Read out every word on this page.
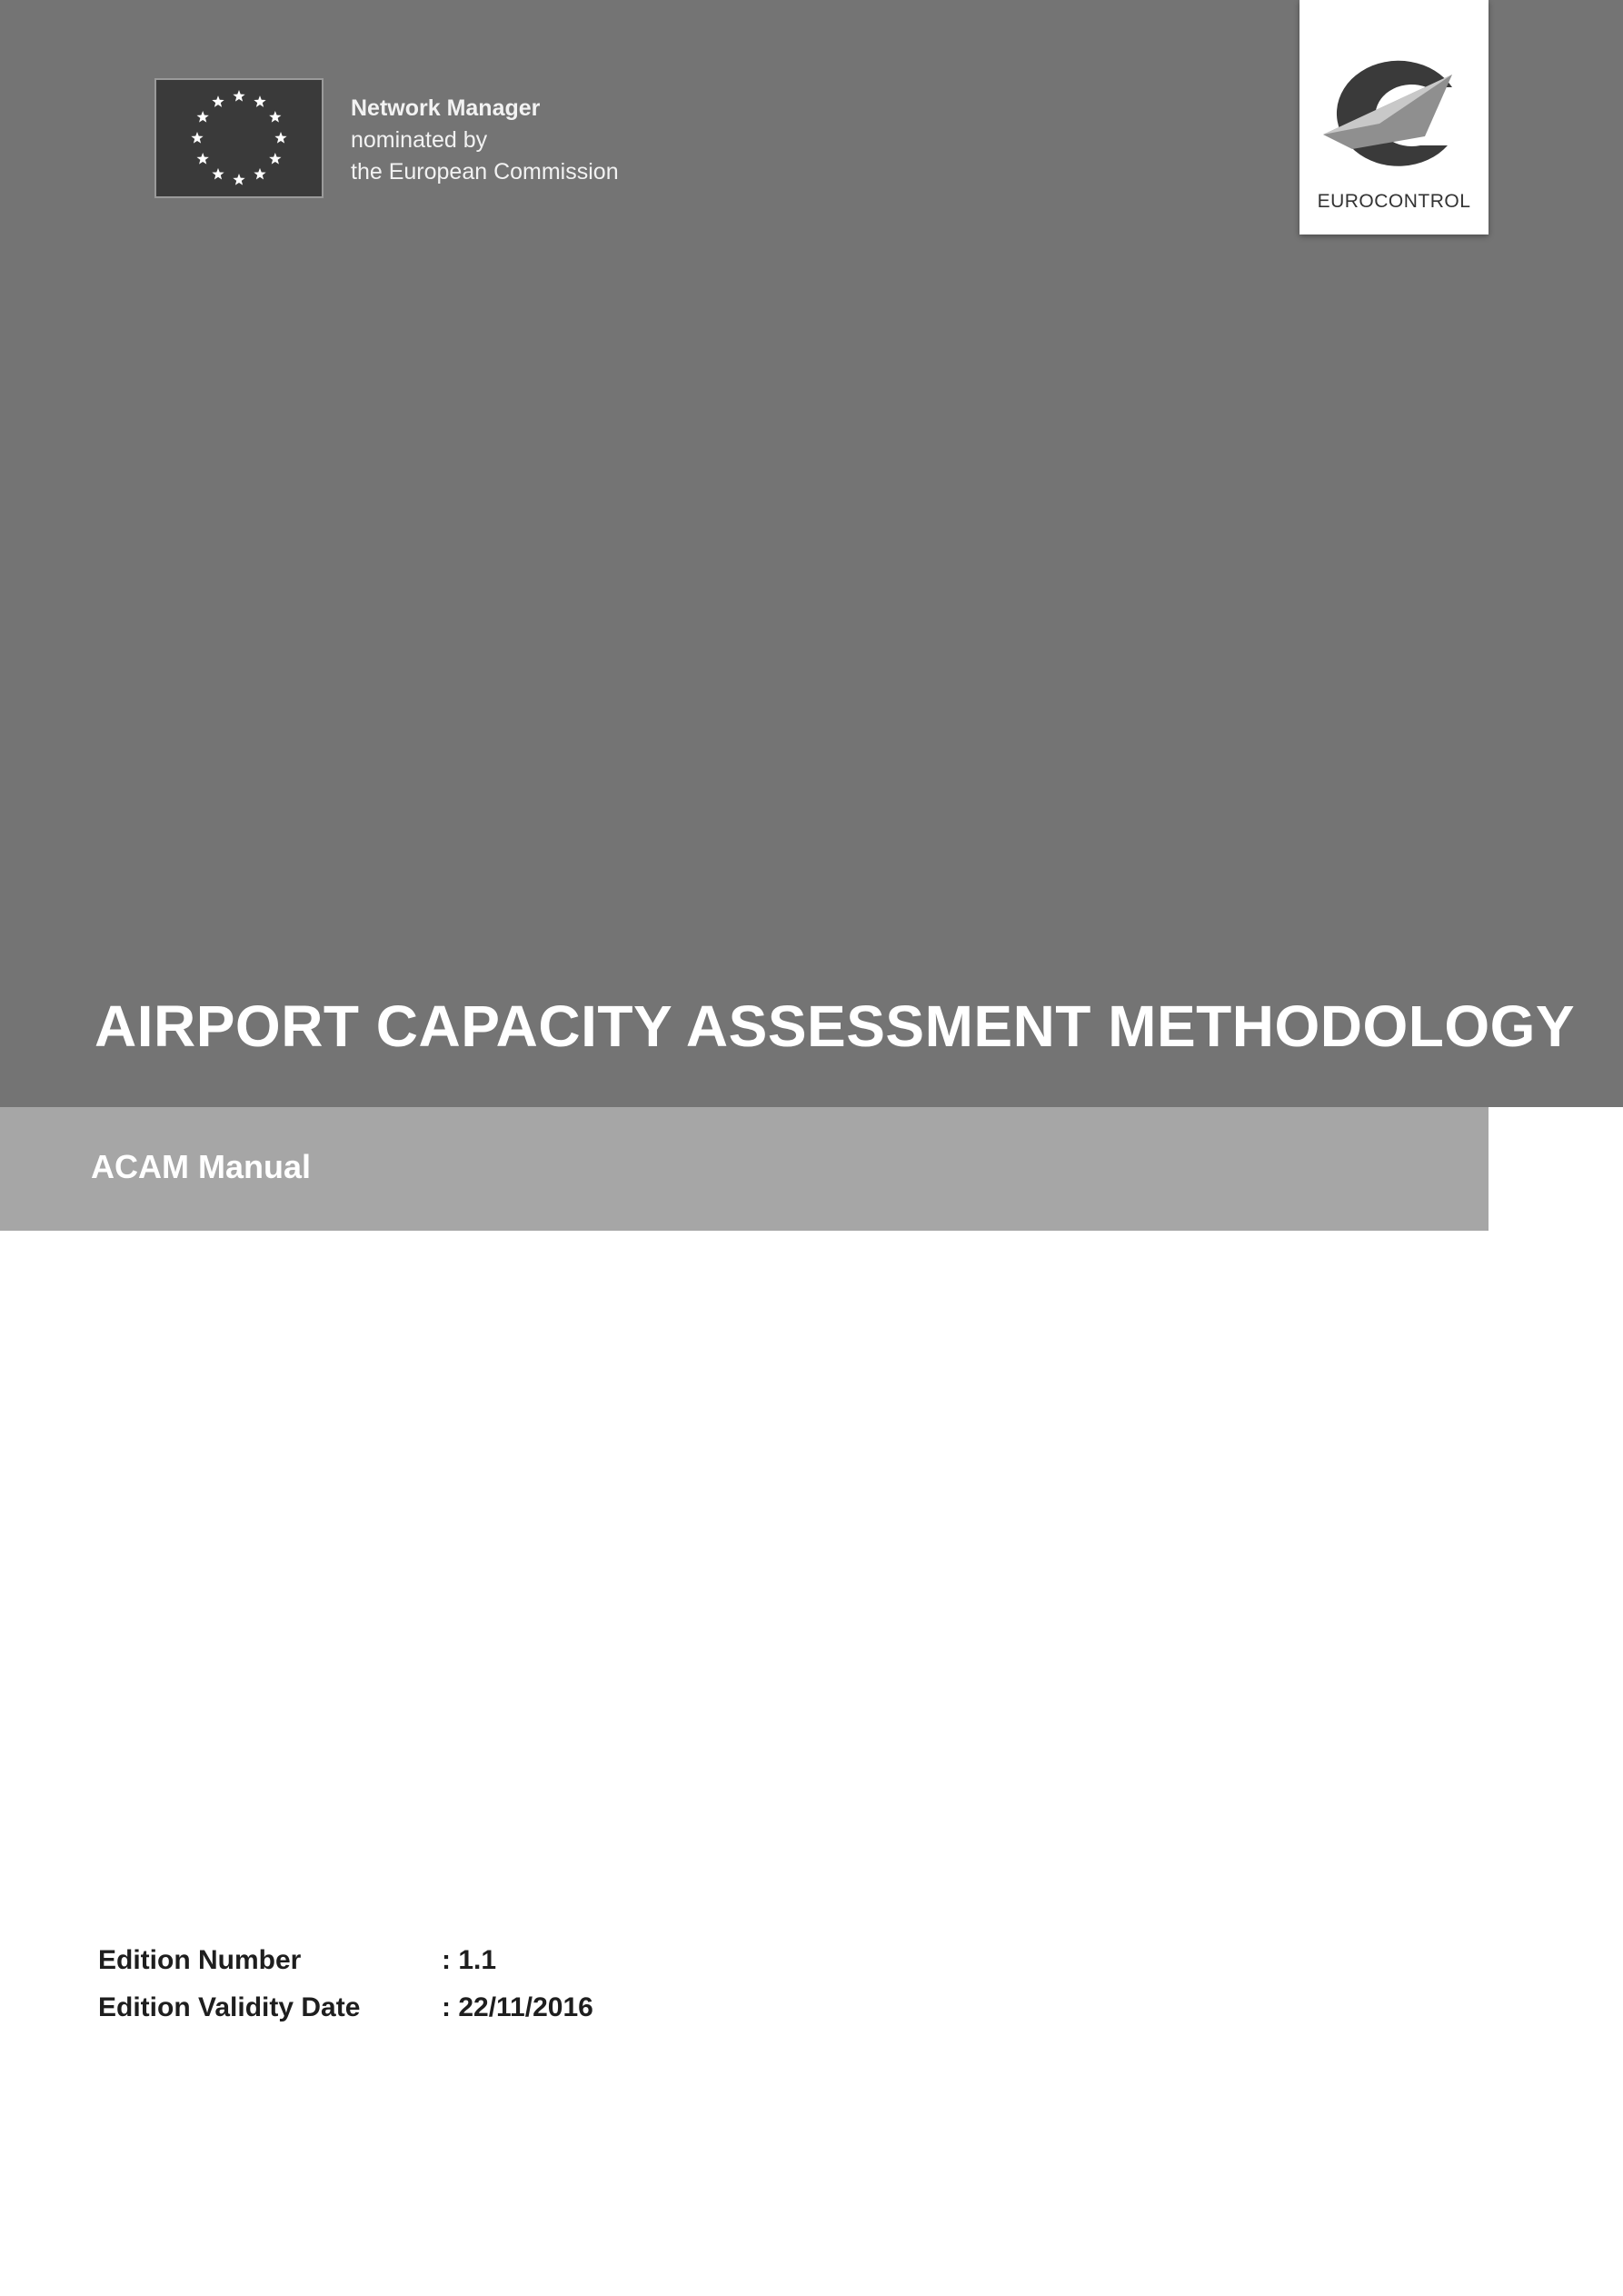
Network Manager
nominated by
the European Commission
EUROCONTROL
AIRPORT CAPACITY ASSESSMENT METHODOLOGY
ACAM Manual
Edition Number	: 1.1
Edition Validity Date	: 22/11/2016
